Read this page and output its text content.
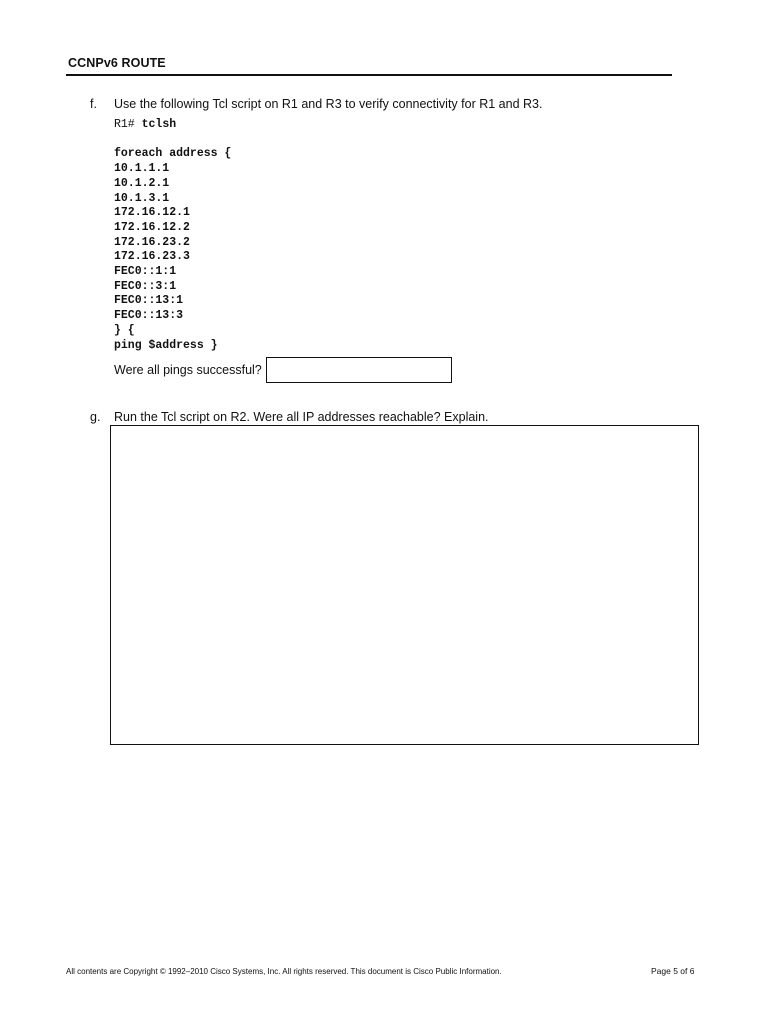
CCNPv6 ROUTE
f. Use the following Tcl script on R1 and R3 to verify connectivity for R1 and R3.
R1# tclsh
foreach address {
10.1.1.1
10.1.2.1
10.1.3.1
172.16.12.1
172.16.12.2
172.16.23.2
172.16.23.3
FEC0::1:1
FEC0::3:1
FEC0::13:1
FEC0::13:3
} {
ping $address }
Were all pings successful?
g. Run the Tcl script on R2. Were all IP addresses reachable? Explain.
All contents are Copyright © 1992–2010 Cisco Systems, Inc. All rights reserved. This document is Cisco Public Information.	Page 5 of 6
